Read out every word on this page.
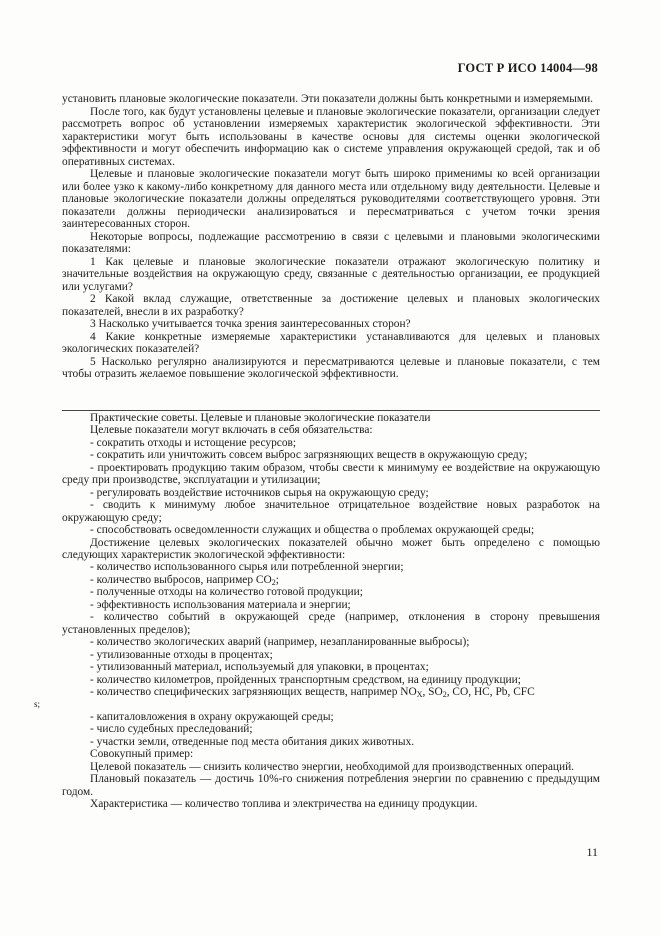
ГОСТ Р ИСО 14004—98

установить плановые экологические показатели. Эти показатели должны быть конкретными и измеряемыми.

После того, как будут установлены целевые и плановые экологические показатели, организации следует рассмотреть вопрос об установлении измеряемых характеристик экологической эффективности. Эти характеристики могут быть использованы в качестве основы для системы оценки экологической эффективности и могут обеспечить информацию как о системе управления окружающей средой, так и об оперативных системах.

Целевые и плановые экологические показатели могут быть широко применимы ко всей организации или более узко к какому-либо конкретному для данного места или отдельному виду деятельности. Целевые и плановые экологические показатели должны определяться руководителями соответствующего уровня. Эти показатели должны периодически анализироваться и пересматриваться с учетом точки зрения заинтересованных сторон.

Некоторые вопросы, подлежащие рассмотрению в связи с целевыми и плановыми экологическими показателями:

1 Как целевые и плановые экологические показатели отражают экологическую политику и значительные воздействия на окружающую среду, связанные с деятельностью организации, ее продукцией или услугами?

2 Какой вклад служащие, ответственные за достижение целевых и плановых экологических показателей, внесли в их разработку?

3 Насколько учитывается точка зрения заинтересованных сторон?

4 Какие конкретные измеряемые характеристики устанавливаются для целевых и плановых экологических показателей?

5 Насколько регулярно анализируются и пересматриваются целевые и плановые показатели, с тем чтобы отразить желаемое повышение экологической эффективности.

Практические советы. Целевые и плановые экологические показатели

Целевые показатели могут включать в себя обязательства:

- сократить отходы и истощение ресурсов;

- сократить или уничтожить совсем выброс загрязняющих веществ в окружающую среду;

- проектировать продукцию таким образом, чтобы свести к минимуму ее воздействие на окружающую среду при производстве, эксплуатации и утилизации;

- регулировать воздействие источников сырья на окружающую среду;

- сводить к минимуму любое значительное отрицательное воздействие новых разработок на окружающую среду;

- способствовать осведомленности служащих и общества о проблемах окружающей среды;

Достижение целевых экологических показателей обычно может быть определено с помощью следующих характеристик экологической эффективности:

- количество использованного сырья или потребленной энергии;

- количество выбросов, например $CO_2$;

- полученные отходы на количество готовой продукции;

- эффективность использования материала и энергии;

- количество событий в окружающей среде (например, отклонения в сторону превышения установленных пределов);

- количество экологических аварий (например, незапланированные выбросы);

- утилизованные отходы в процентах;

- утилизованный материал, используемый для упаковки, в процентах;

- количество километров, пройденных транспортным средством, на единицу продукции;

- количество специфических загрязняющих веществ, например $NO_X$, $SO_2$, CO, HC, Pb, CFC
s;

- капиталовложения в охрану окружающей среды;

- число судебных преследований;

- участки земли, отведенные под места обитания диких животных.

Совокупный пример:

Целевой показатель — снизить количество энергии, необходимой для производственных операций.

Плановый показатель — достичь 10%-го снижения потребления энергии по сравнению с предыдущим годом.

Характеристика — количество топлива и электричества на единицу продукции.

11
